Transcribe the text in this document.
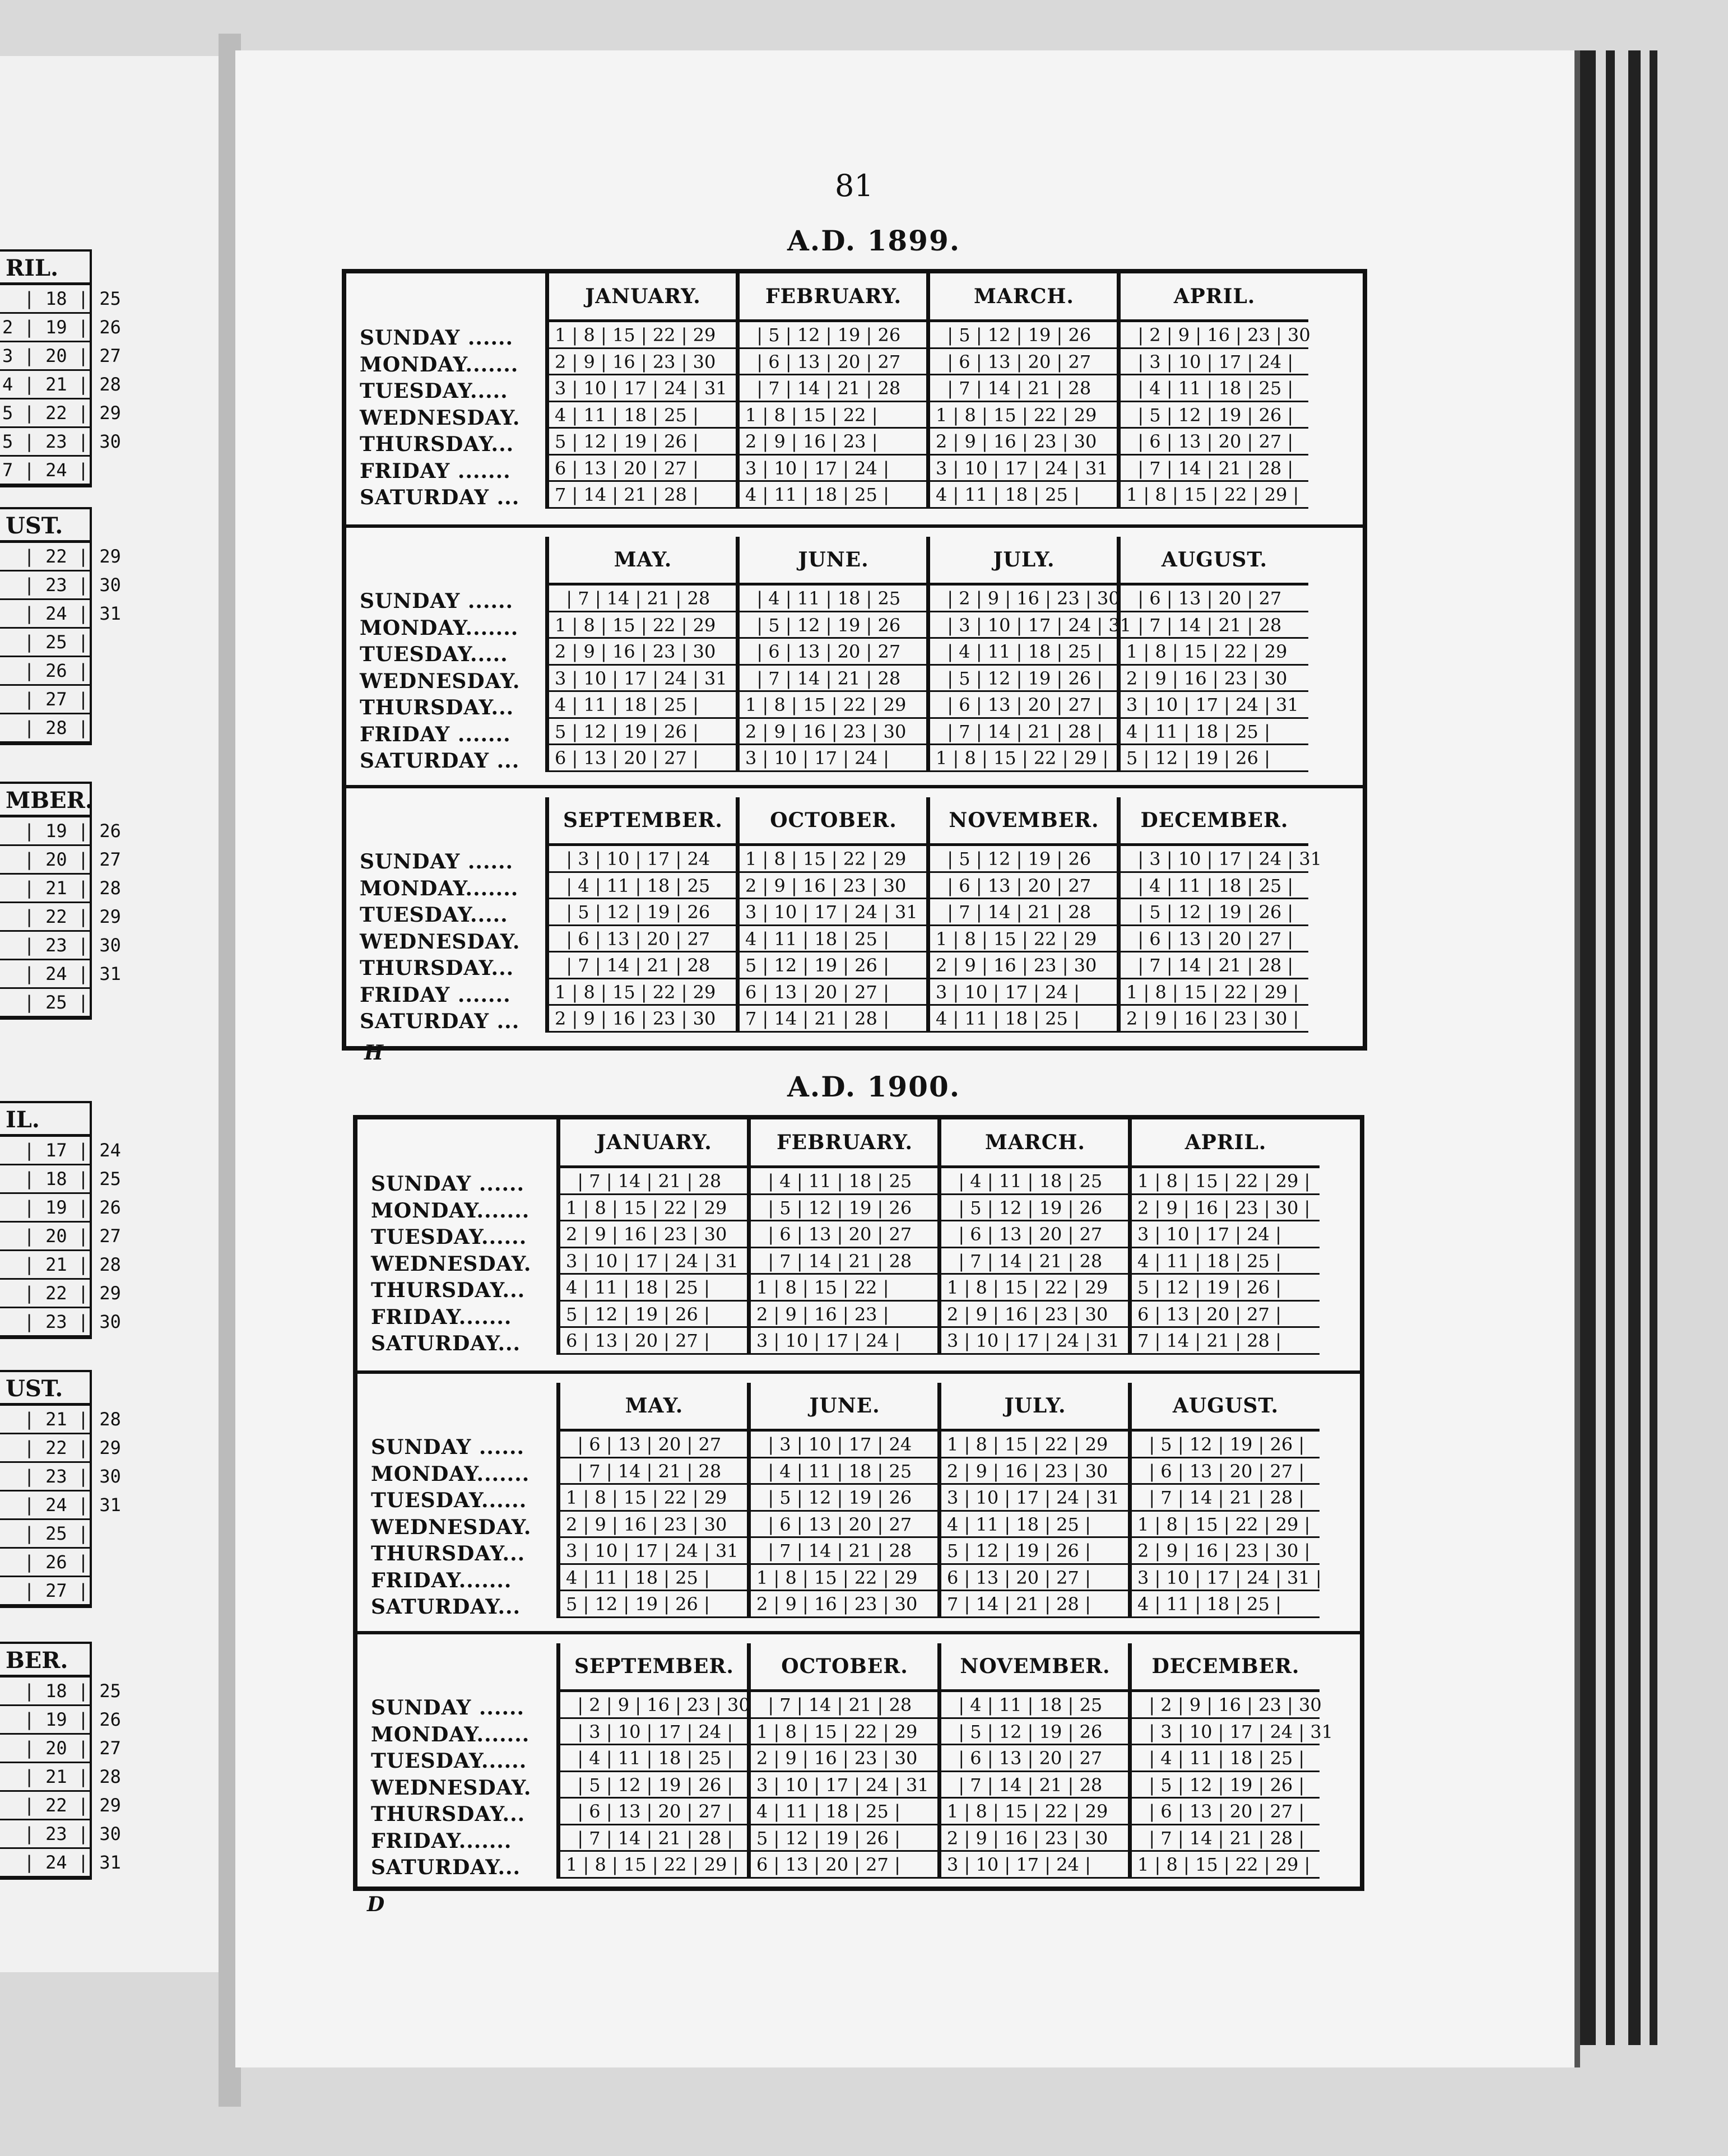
81
RIL.
| 18 | 25
2 | 19 | 26
3 | 20 | 27
4 | 21 | 28
5 | 22 | 29
5 | 23 | 30
7 | 24 |
UST.
| 22 | 29
| 23 | 30
| 24 | 31
| 25 |
| 26 |
| 27 |
| 28 |
MBER.
| 19 | 26
| 20 | 27
| 21 | 28
| 22 | 29
| 23 | 30
| 24 | 31
| 25 |
IL.
| 17 | 24
| 18 | 25
| 19 | 26
| 20 | 27
| 21 | 28
| 22 | 29
| 23 | 30
UST.
| 21 | 28
| 22 | 29
| 23 | 30
| 24 | 31
| 25 |
| 26 |
| 27 |
BER.
| 18 | 25
| 19 | 26
| 20 | 27
| 21 | 28
| 22 | 29
| 23 | 30
| 24 | 31
A.D. 1899.
SUNDAY ......
MONDAY.......
TUESDAY.....
WEDNESDAY.
THURSDAY...
FRIDAY .......
SATURDAY ...
JANUARY.
1 | 8 | 15 | 22 | 29
2 | 9 | 16 | 23 | 30
3 | 10 | 17 | 24 | 31
4 | 11 | 18 | 25 |
5 | 12 | 19 | 26 |
6 | 13 | 20 | 27 |
7 | 14 | 21 | 28 |
FEBRUARY.
| 5 | 12 | 19 | 26
| 6 | 13 | 20 | 27
| 7 | 14 | 21 | 28
1 | 8 | 15 | 22 |
2 | 9 | 16 | 23 |
3 | 10 | 17 | 24 |
4 | 11 | 18 | 25 |
MARCH.
| 5 | 12 | 19 | 26
| 6 | 13 | 20 | 27
| 7 | 14 | 21 | 28
1 | 8 | 15 | 22 | 29
2 | 9 | 16 | 23 | 30
3 | 10 | 17 | 24 | 31
4 | 11 | 18 | 25 |
APRIL.
| 2 | 9 | 16 | 23 | 30
| 3 | 10 | 17 | 24 |
| 4 | 11 | 18 | 25 |
| 5 | 12 | 19 | 26 |
| 6 | 13 | 20 | 27 |
| 7 | 14 | 21 | 28 |
1 | 8 | 15 | 22 | 29 |
SUNDAY ......
MONDAY.......
TUESDAY.....
WEDNESDAY.
THURSDAY...
FRIDAY .......
SATURDAY ...
MAY.
| 7 | 14 | 21 | 28
1 | 8 | 15 | 22 | 29
2 | 9 | 16 | 23 | 30
3 | 10 | 17 | 24 | 31
4 | 11 | 18 | 25 |
5 | 12 | 19 | 26 |
6 | 13 | 20 | 27 |
JUNE.
| 4 | 11 | 18 | 25
| 5 | 12 | 19 | 26
| 6 | 13 | 20 | 27
| 7 | 14 | 21 | 28
1 | 8 | 15 | 22 | 29
2 | 9 | 16 | 23 | 30
3 | 10 | 17 | 24 |
JULY.
| 2 | 9 | 16 | 23 | 30
| 3 | 10 | 17 | 24 | 31
| 4 | 11 | 18 | 25 |
| 5 | 12 | 19 | 26 |
| 6 | 13 | 20 | 27 |
| 7 | 14 | 21 | 28 |
1 | 8 | 15 | 22 | 29 |
AUGUST.
| 6 | 13 | 20 | 27
| 7 | 14 | 21 | 28
1 | 8 | 15 | 22 | 29
2 | 9 | 16 | 23 | 30
3 | 10 | 17 | 24 | 31
4 | 11 | 18 | 25 |
5 | 12 | 19 | 26 |
SUNDAY ......
MONDAY.......
TUESDAY.....
WEDNESDAY.
THURSDAY...
FRIDAY .......
SATURDAY ...
SEPTEMBER.
| 3 | 10 | 17 | 24
| 4 | 11 | 18 | 25
| 5 | 12 | 19 | 26
| 6 | 13 | 20 | 27
| 7 | 14 | 21 | 28
1 | 8 | 15 | 22 | 29
2 | 9 | 16 | 23 | 30
OCTOBER.
1 | 8 | 15 | 22 | 29
2 | 9 | 16 | 23 | 30
3 | 10 | 17 | 24 | 31
4 | 11 | 18 | 25 |
5 | 12 | 19 | 26 |
6 | 13 | 20 | 27 |
7 | 14 | 21 | 28 |
NOVEMBER.
| 5 | 12 | 19 | 26
| 6 | 13 | 20 | 27
| 7 | 14 | 21 | 28
1 | 8 | 15 | 22 | 29
2 | 9 | 16 | 23 | 30
3 | 10 | 17 | 24 |
4 | 11 | 18 | 25 |
DECEMBER.
| 3 | 10 | 17 | 24 | 31
| 4 | 11 | 18 | 25 |
| 5 | 12 | 19 | 26 |
| 6 | 13 | 20 | 27 |
| 7 | 14 | 21 | 28 |
1 | 8 | 15 | 22 | 29 |
2 | 9 | 16 | 23 | 30 |
H
A.D. 1900.
SUNDAY ......
MONDAY.......
TUESDAY......
WEDNESDAY.
THURSDAY...
FRIDAY.......
SATURDAY...
JANUARY.
| 7 | 14 | 21 | 28
1 | 8 | 15 | 22 | 29
2 | 9 | 16 | 23 | 30
3 | 10 | 17 | 24 | 31
4 | 11 | 18 | 25 |
5 | 12 | 19 | 26 |
6 | 13 | 20 | 27 |
FEBRUARY.
| 4 | 11 | 18 | 25
| 5 | 12 | 19 | 26
| 6 | 13 | 20 | 27
| 7 | 14 | 21 | 28
1 | 8 | 15 | 22 |
2 | 9 | 16 | 23 |
3 | 10 | 17 | 24 |
MARCH.
| 4 | 11 | 18 | 25
| 5 | 12 | 19 | 26
| 6 | 13 | 20 | 27
| 7 | 14 | 21 | 28
1 | 8 | 15 | 22 | 29
2 | 9 | 16 | 23 | 30
3 | 10 | 17 | 24 | 31
APRIL.
1 | 8 | 15 | 22 | 29 |
2 | 9 | 16 | 23 | 30 |
3 | 10 | 17 | 24 |
4 | 11 | 18 | 25 |
5 | 12 | 19 | 26 |
6 | 13 | 20 | 27 |
7 | 14 | 21 | 28 |
SUNDAY ......
MONDAY.......
TUESDAY......
WEDNESDAY.
THURSDAY...
FRIDAY.......
SATURDAY...
MAY.
| 6 | 13 | 20 | 27
| 7 | 14 | 21 | 28
1 | 8 | 15 | 22 | 29
2 | 9 | 16 | 23 | 30
3 | 10 | 17 | 24 | 31
4 | 11 | 18 | 25 |
5 | 12 | 19 | 26 |
JUNE.
| 3 | 10 | 17 | 24
| 4 | 11 | 18 | 25
| 5 | 12 | 19 | 26
| 6 | 13 | 20 | 27
| 7 | 14 | 21 | 28
1 | 8 | 15 | 22 | 29
2 | 9 | 16 | 23 | 30
JULY.
1 | 8 | 15 | 22 | 29
2 | 9 | 16 | 23 | 30
3 | 10 | 17 | 24 | 31
4 | 11 | 18 | 25 |
5 | 12 | 19 | 26 |
6 | 13 | 20 | 27 |
7 | 14 | 21 | 28 |
AUGUST.
| 5 | 12 | 19 | 26 |
| 6 | 13 | 20 | 27 |
| 7 | 14 | 21 | 28 |
1 | 8 | 15 | 22 | 29 |
2 | 9 | 16 | 23 | 30 |
3 | 10 | 17 | 24 | 31 |
4 | 11 | 18 | 25 |
SUNDAY ......
MONDAY.......
TUESDAY......
WEDNESDAY.
THURSDAY...
FRIDAY.......
SATURDAY...
SEPTEMBER.
| 2 | 9 | 16 | 23 | 30
| 3 | 10 | 17 | 24 |
| 4 | 11 | 18 | 25 |
| 5 | 12 | 19 | 26 |
| 6 | 13 | 20 | 27 |
| 7 | 14 | 21 | 28 |
1 | 8 | 15 | 22 | 29 |
OCTOBER.
| 7 | 14 | 21 | 28
1 | 8 | 15 | 22 | 29
2 | 9 | 16 | 23 | 30
3 | 10 | 17 | 24 | 31
4 | 11 | 18 | 25 |
5 | 12 | 19 | 26 |
6 | 13 | 20 | 27 |
NOVEMBER.
| 4 | 11 | 18 | 25
| 5 | 12 | 19 | 26
| 6 | 13 | 20 | 27
| 7 | 14 | 21 | 28
1 | 8 | 15 | 22 | 29
2 | 9 | 16 | 23 | 30
3 | 10 | 17 | 24 |
DECEMBER.
| 2 | 9 | 16 | 23 | 30
| 3 | 10 | 17 | 24 | 31
| 4 | 11 | 18 | 25 |
| 5 | 12 | 19 | 26 |
| 6 | 13 | 20 | 27 |
| 7 | 14 | 21 | 28 |
1 | 8 | 15 | 22 | 29 |
D
